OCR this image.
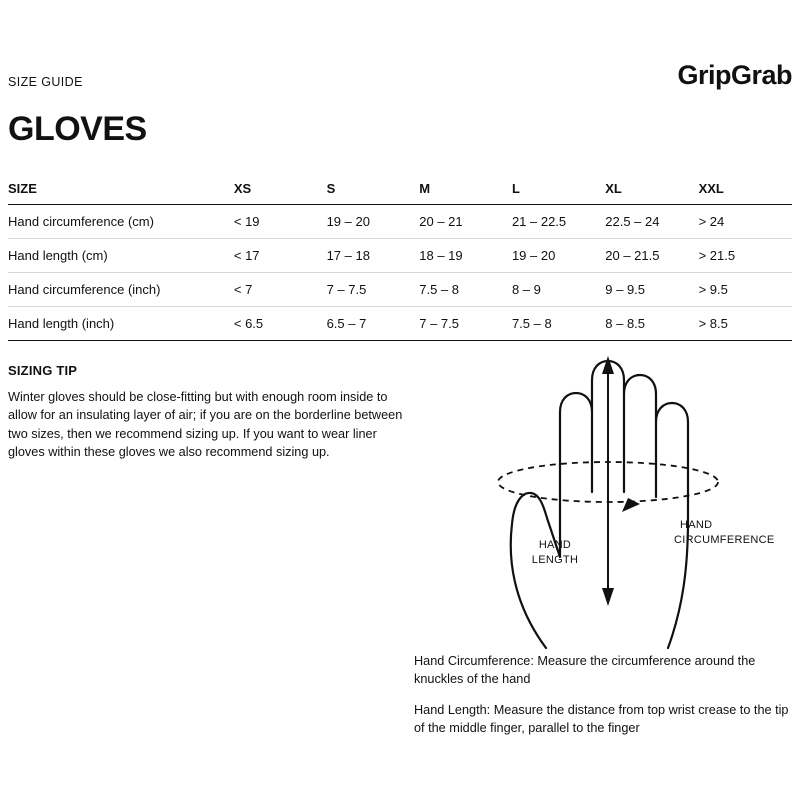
SIZE GUIDE	GripGrab
GLOVES
SIZE	XS	S	M	L	XL	XXL
Hand circumference (cm)	< 19	19 – 20	20 – 21	21 – 22.5	22.5 – 24	> 24
Hand length (cm)	< 17	17 – 18	18 – 19	19 – 20	20 – 21.5	> 21.5
Hand circumference (inch)	< 7	7 – 7.5	7.5 – 8	8 – 9	9 – 9.5	> 9.5
Hand length (inch)	< 6.5	6.5 – 7	7 – 7.5	7.5 – 8	8 – 8.5	> 8.5
SIZING TIP
Winter gloves should be close-fitting but with enough room inside to allow for an insulating layer of air; if you are on the borderline between two sizes, then we recommend sizing up. If you want to wear liner gloves within these gloves we also recommend sizing up.
HAND
LENGTH
HAND
CIRCUMFERENCE

Hand Circumference: Measure the circumference around the knuckles of the hand

Hand Length: Measure the distance from top wrist crease to the tip of the middle finger, parallel to the finger
